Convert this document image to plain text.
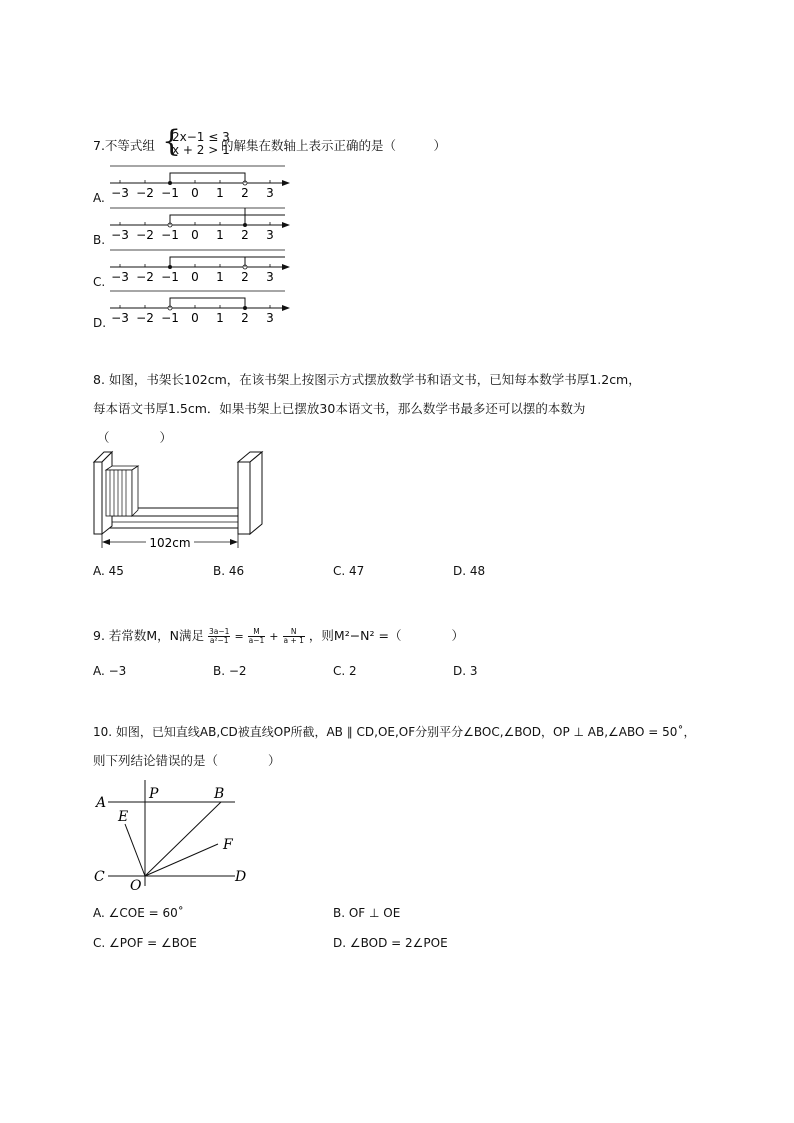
7.不等式组 {
2x−1 ≤ 3
x + 2 > 1
的解集在数轴上表示正确的是（　　　）
A.
B.
C.
D.
−3 −2 −1 0 1 2 3
−3 −2 −1 0 1 2 3
−3 −2 −1 0 1 2 3
−3 −2 −1 0 1 2 3
8. 如图，书架长102cm，在该书架上按图示方式摆放数学书和语文书，已知每本数学书厚1.2cm，
每本语文书厚1.5cm．如果书架上已摆放30本语文书，那么数学书最多还可以摆的本数为
（　　　　）
102cm
A. 45	B. 46	C. 47	D. 48
9. 若常数M，N满足 $\frac{3a-1}{\text{a²−1}} = \frac{M}{a-1} + \frac{N}{a + 1}$ ，则M²−N² =（　　　　）
A. −3	B. −2	C. 2	D. 3
10. 如图，已知直线AB,CD被直线OP所截，AB ∥ CD,OE,OF分别平分∠BOC,∠BOD，OP ⊥ AB,∠ABO = 50˚，
则下列结论错误的是（　　　　）
A
P	B
E
F
C
O
D
A. ∠COE = 60˚	B. OF ⊥ OE
C. ∠POF = ∠BOE	D. ∠BOD = 2∠POE
